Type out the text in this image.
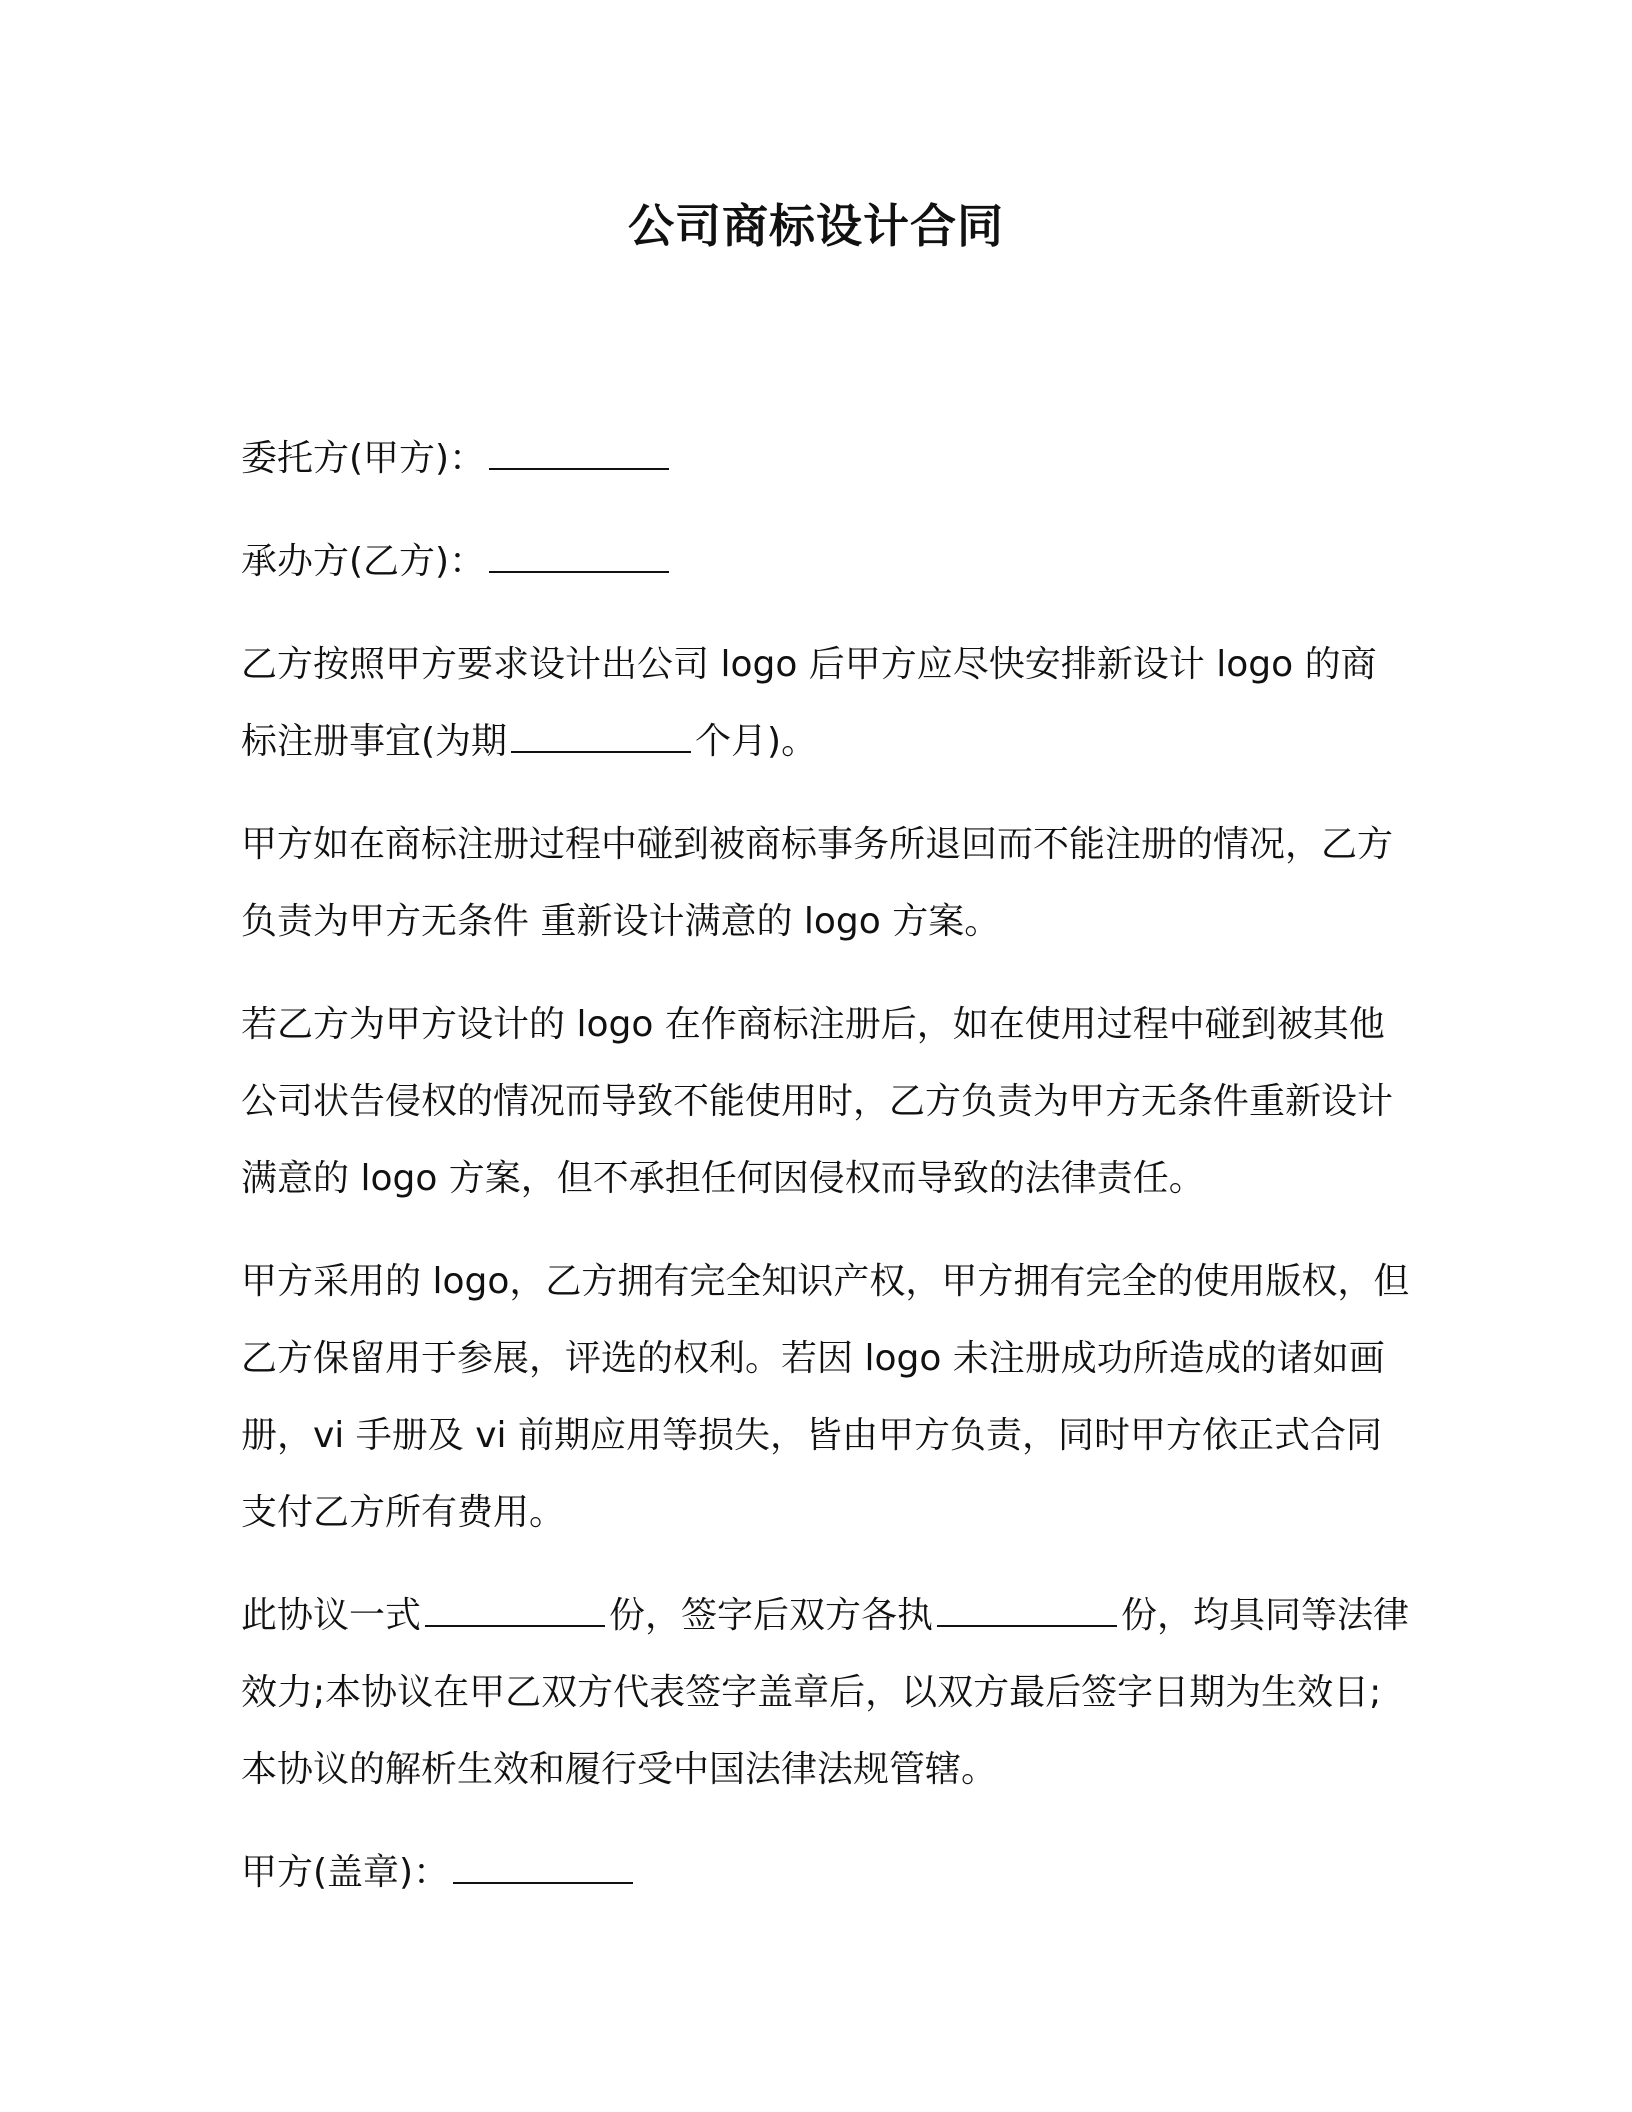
公司商标设计合同

委托方(甲方)：

承办方(乙方)：

乙方按照甲方要求设计出公司 logo 后甲方应尽快安排新设计 logo 的商标注册事宜(为期	个月)。

甲方如在商标注册过程中碰到被商标事务所退回而不能注册的情况，乙方负责为甲方无条件 重新设计满意的 logo 方案。

若乙方为甲方设计的 logo 在作商标注册后，如在使用过程中碰到被其他公司状告侵权的情况而导致不能使用时，乙方负责为甲方无条件重新设计满意的 logo 方案，但不承担任何因侵权而导致的法律责任。

甲方采用的 logo，乙方拥有完全知识产权，甲方拥有完全的使用版权，但乙方保留用于参展，评选的权利。若因 logo 未注册成功所造成的诸如画册，vi 手册及 vi 前期应用等损失，皆由甲方负责，同时甲方依正式合同支付乙方所有费用。

此协议一式	份，签字后双方各执	份，均具同等法律效力;本协议在甲乙双方代表签字盖章后，以双方最后签字日期为生效日;本协议的解析生效和履行受中国法律法规管辖。

甲方(盖章)：
